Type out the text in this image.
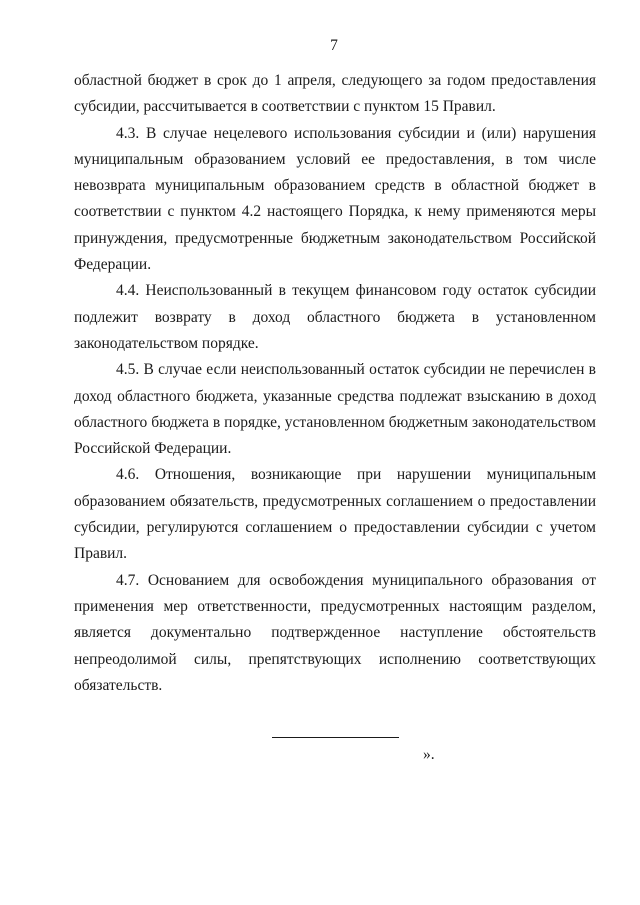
7

областной бюджет в срок до 1 апреля, следующего за годом предоставления субсидии, рассчитывается в соответствии с пунктом 15 Правил.

4.3. В случае нецелевого использования субсидии и (или) нарушения муниципальным образованием условий ее предоставления, в том числе невозврата муниципальным образованием средств в областной бюджет в соответствии с пунктом 4.2 настоящего Порядка, к нему применяются меры принуждения, предусмотренные бюджетным законодательством Российской Федерации.

4.4. Неиспользованный в текущем финансовом году остаток субсидии подлежит возврату в доход областного бюджета в установленном законодательством порядке.

4.5. В случае если неиспользованный остаток субсидии не перечислен в доход областного бюджета, указанные средства подлежат взысканию в доход областного бюджета в порядке, установленном бюджетным законодательством Российской Федерации.

4.6. Отношения, возникающие при нарушении муниципальным образованием обязательств, предусмотренных соглашением о предоставлении субсидии, регулируются соглашением о предоставлении субсидии с учетом Правил.

4.7. Основанием для освобождения муниципального образования от применения мер ответственности, предусмотренных настоящим разделом, является документально подтвержденное наступление обстоятельств непреодолимой силы, препятствующих исполнению соответствующих обязательств.

».
